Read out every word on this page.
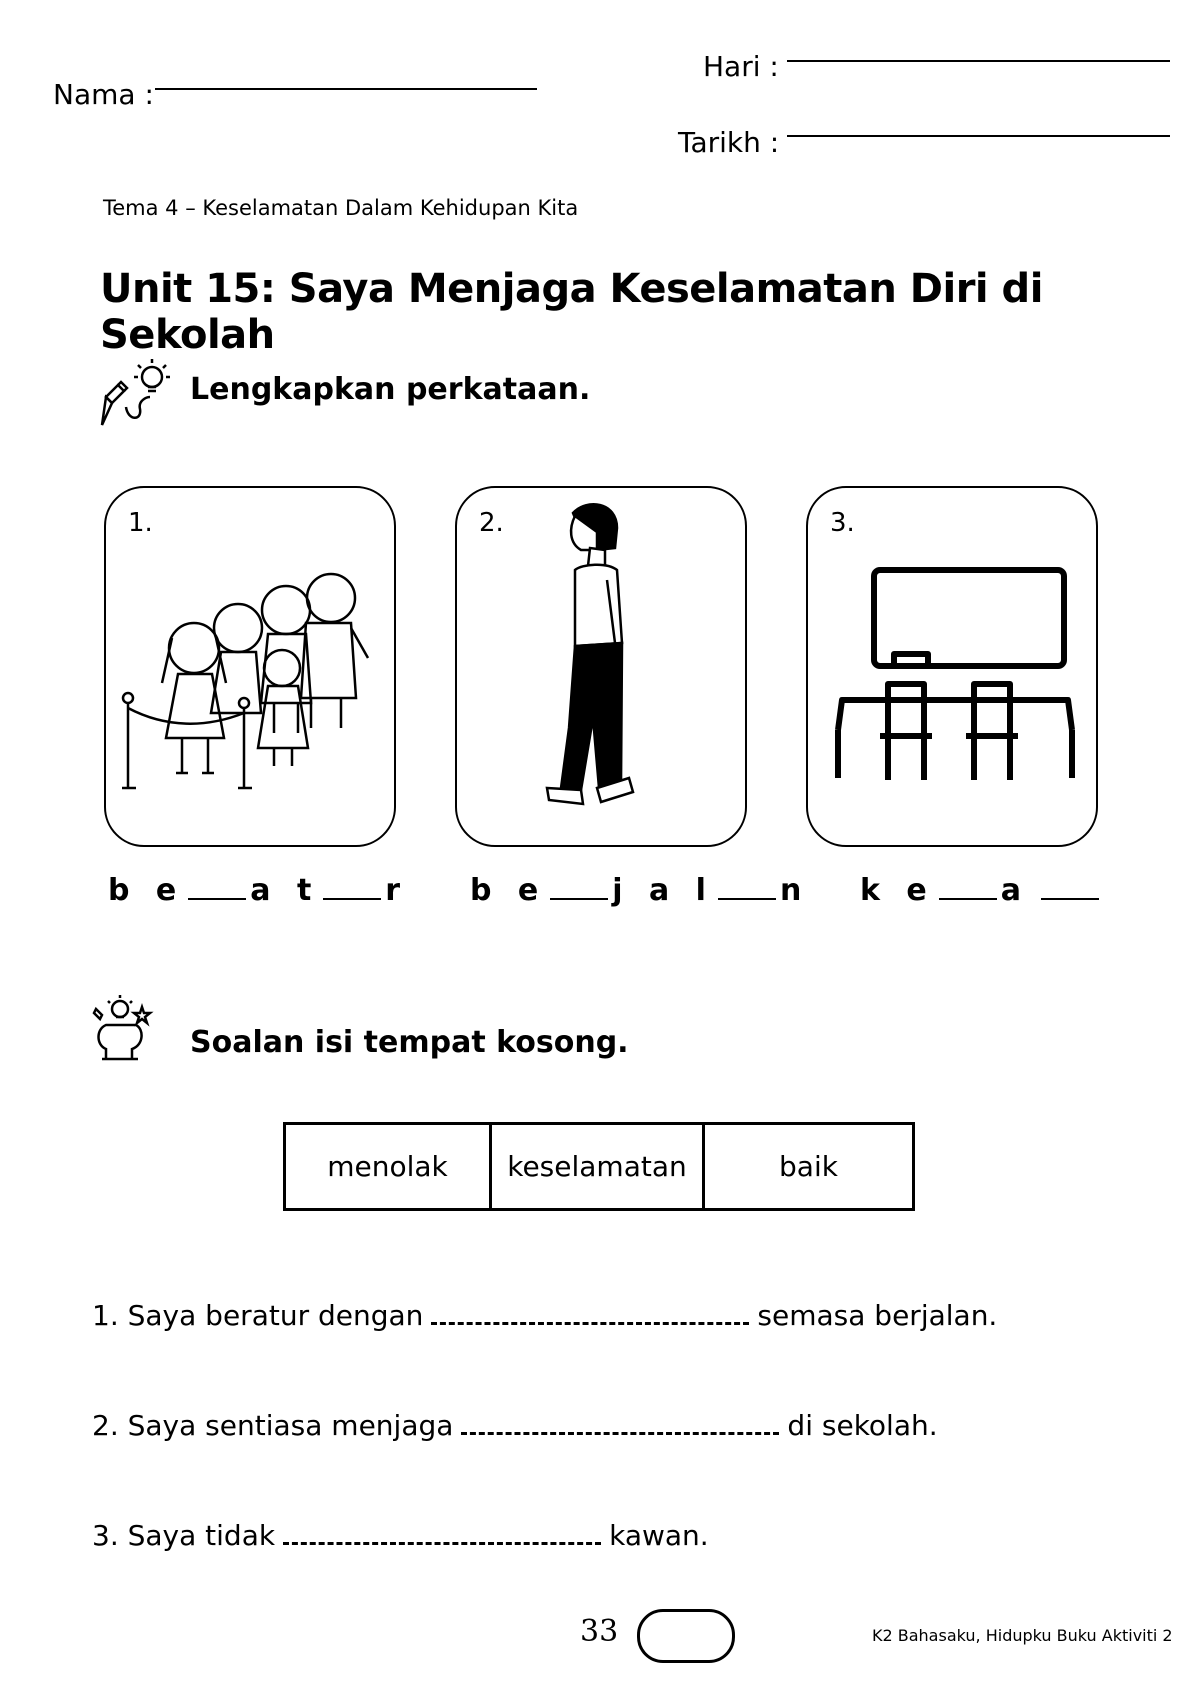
Nama :
Hari :
Tarikh :
Tema 4 – Keselamatan Dalam Kehidupan Kita
Unit 15: Saya Menjaga Keselamatan Diri di Sekolah
Lengkapkan perkataan.
1.	2.	3.
b e a t r b e j a l n k e a
Soalan isi tempat kosong.
menolak	keselamatan	baik
1. Saya beratur dengan	semasa berjalan.
2. Saya sentiasa menjaga	di sekolah.
3. Saya tidak	kawan.
33	K2 Bahasaku, Hidupku Buku Aktiviti 2
